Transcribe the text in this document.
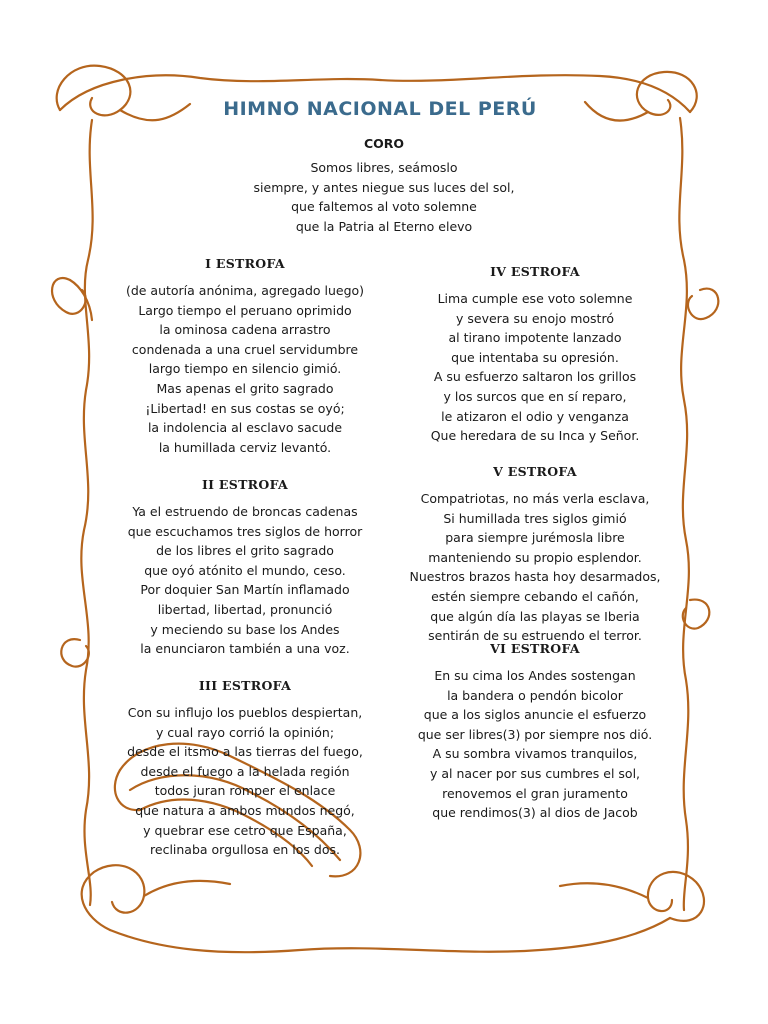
HIMNO NACIONAL DEL PERÚ
CORO
Somos libres, seámoslo
siempre, y antes niegue sus luces del sol,
que faltemos al voto solemne
que la Patria al Eterno elevo
I ESTROFA
(de autoría anónima, agregado luego)
Largo tiempo el peruano oprimido
la ominosa cadena arrastro
condenada a una cruel servidumbre
largo tiempo en silencio gimió.
Mas apenas el grito sagrado
¡Libertad! en sus costas se oyó;
la indolencia al esclavo sacude
la humillada cerviz levantó.
II ESTROFA
Ya el estruendo de broncas cadenas
que escuchamos tres siglos de horror
de los libres el grito sagrado
que oyó atónito el mundo, ceso.
Por doquier San Martín inflamado
libertad, libertad, pronunció
y meciendo su base los Andes
la enunciaron también a una voz.
III ESTROFA
Con su influjo los pueblos despiertan,
y cual rayo corrió la opinión;
desde el itsmo a las tierras del fuego,
desde el fuego a la helada región
todos juran romper el enlace
que natura a ambos mundos negó,
y quebrar ese cetro que España,
reclinaba orgullosa en los dos.
IV ESTROFA
Lima cumple ese voto solemne
y severa su enojo mostró
al tirano impotente lanzado
que intentaba su opresión.
A su esfuerzo saltaron los grillos
y los surcos que en sí reparo,
le atizaron el odio y venganza
Que heredara de su Inca y Señor.
V ESTROFA
Compatriotas, no más verla esclava,
Si humillada tres siglos gimió
para siempre jurémosla libre
manteniendo su propio esplendor.
Nuestros brazos hasta hoy desarmados,
estén siempre cebando el cañón,
que algún día las playas se Iberia
sentirán de su estruendo el terror.
VI ESTROFA
En su cima los Andes sostengan
la bandera o pendón bicolor
que a los siglos anuncie el esfuerzo
que ser libres(3) por siempre nos dió.
A su sombra vivamos tranquilos,
y al nacer por sus cumbres el sol,
renovemos el gran juramento
que rendimos(3) al dios de Jacob
